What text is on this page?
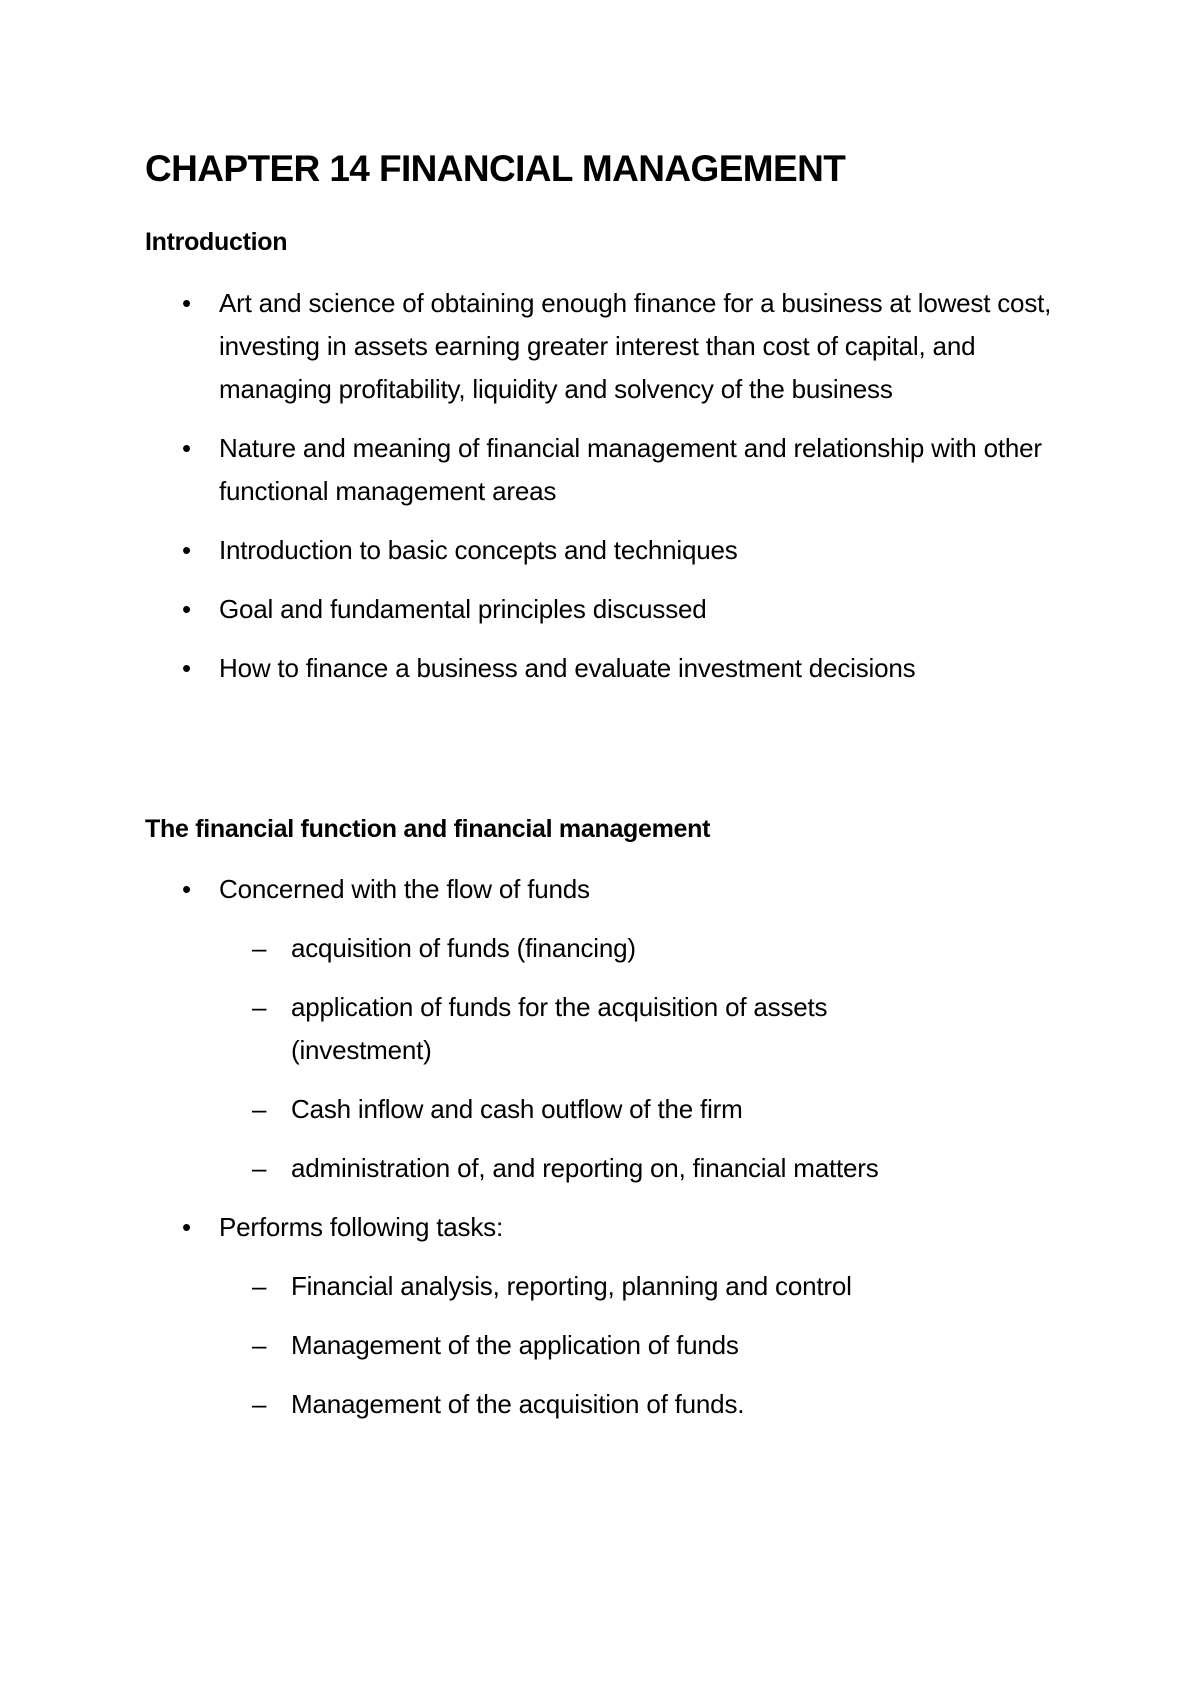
CHAPTER 14 FINANCIAL MANAGEMENT
Introduction
• Art and science of obtaining enough finance for a business at lowest cost, investing in assets earning greater interest than cost of capital, and managing profitability, liquidity and solvency of the business
• Nature and meaning of financial management and relationship with other functional management areas
• Introduction to basic concepts and techniques
• Goal and fundamental principles discussed
• How to finance a business and evaluate investment decisions
The financial function and financial management
• Concerned with the flow of funds
– acquisition of funds (financing)
– application of funds for the acquisition of assets (investment)
– Cash inflow and cash outflow of the firm
– administration of, and reporting on, financial matters
• Performs following tasks:
– Financial analysis, reporting, planning and control
– Management of the application of funds
– Management of the acquisition of funds.
